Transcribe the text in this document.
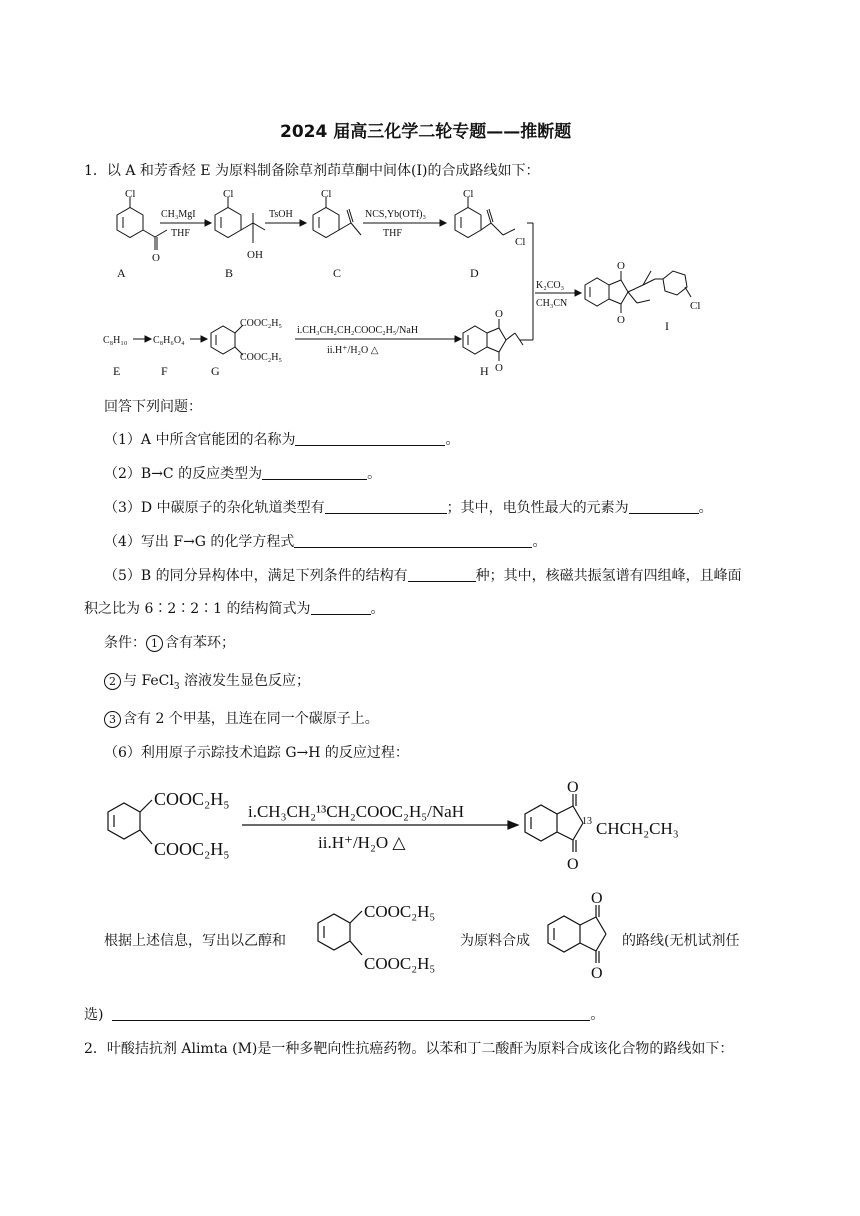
2024 届高三化学二轮专题——推断题
1．以 A 和芳香烃 E 为原料制备除草剂茚草酮中间体(Ⅰ)的合成路线如下：
Cl
O
A
CH₃MgI
THF
Cl
OH
B
TsOH
Cl
C
NCS,Yb(OTf)₃
THF
Cl
Cl
D
K₂CO₃
CH₃CN
O
O
Cl
I
C₈H₁₀	C₈H₆O₄
E	F
COOC₂H₅
COOC₂H₅
G
i.CH₃CH₂CH₂COOC₂H₅/NaH
ii.H⁺/H₂O △
O
O
H
回答下列问题：
（1）A 中所含官能团的名称为	。
（2）B→C 的反应类型为	。
（3）D 中碳原子的杂化轨道类型有	；其中，电负性最大的元素为	。
（4）写出 F→G 的化学方程式	。
（5）B 的同分异构体中，满足下列条件的结构有	种；其中，核磁共振氢谱有四组峰，且峰面
积之比为 6∶2∶2∶1 的结构简式为	。
条件： 1 含有苯环；
2 与 FeCl$_3$ 溶液发生显色反应；
3 含有 2 个甲基，且连在同一个碳原子上。
（6）利用原子示踪技术追踪 G→H 的反应过程：
COOC₂H₅
COOC₂H₅
i.CH₃CH₂¹³CH₂COOC₂H₅/NaH
ii.H⁺/H₂O △
O
O
13 CHCH₂CH₃
根据上述信息，写出以乙醇和
COOC₂H₅
COOC₂H₅
为原料合成
O
O
的路线(无机试剂任
选)	。
2．叶酸拮抗剂 Alimta (M)是一种多靶向性抗癌药物。以苯和丁二酸酐为原料合成该化合物的路线如下：
